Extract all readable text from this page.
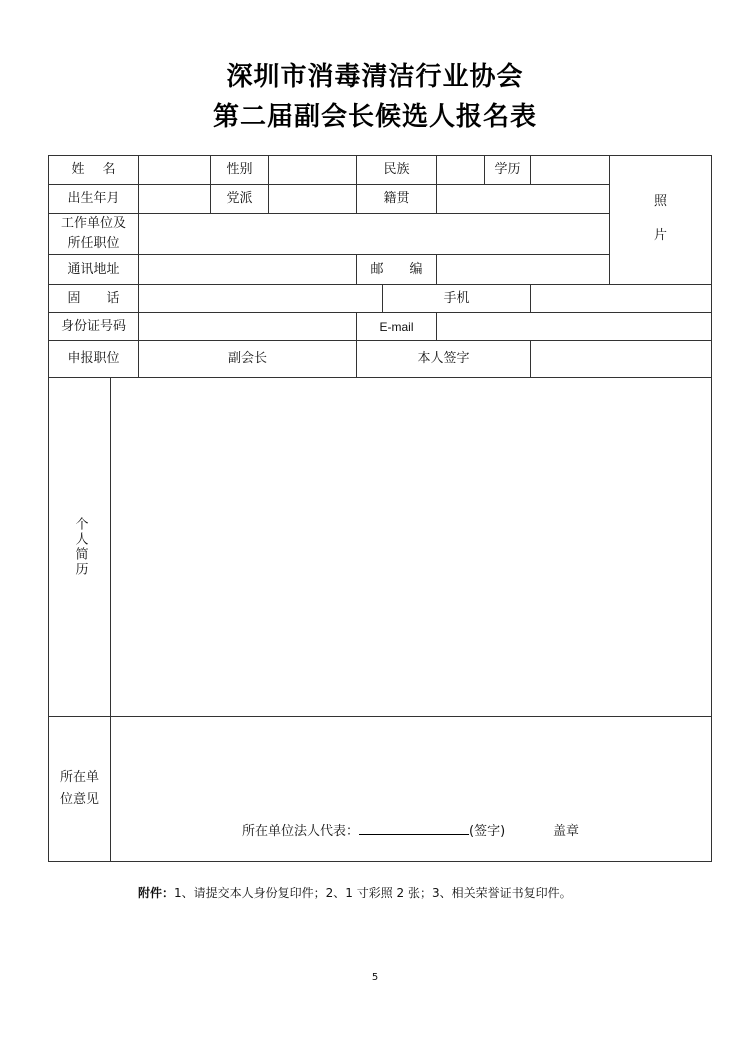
深圳市消毒清洁行业协会
第二届副会长候选人报名表
姓 名	性别	民族	学历
照
片
出生年月	党派	籍贯
工作单位及所任职位
通讯地址	邮 编
固 话	手机
身份证号码	E-mail
申报职位	副会长	本人签字
个人简历
所在单位意见
所在单位法人代表：	(签字)	盖章
附件：1、请提交本人身份复印件；2、1 寸彩照 2 张；3、相关荣誉证书复印件。
5
